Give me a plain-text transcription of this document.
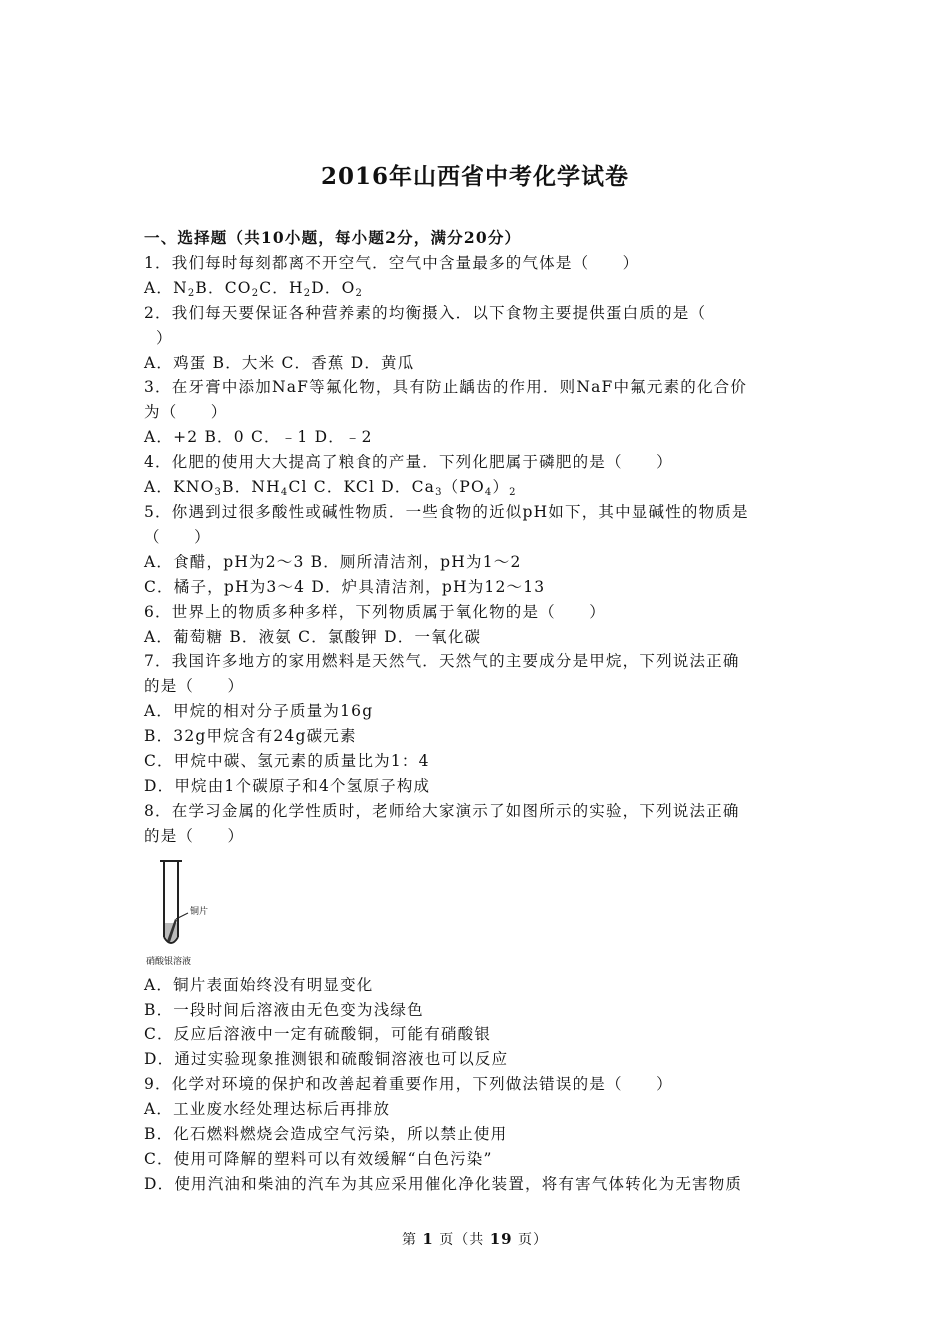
2016年山西省中考化学试卷
一、选择题（共10小题，每小题2分，满分20分）
1．我们每时每刻都离不开空气．空气中含量最多的气体是（　　）
A．$N_2B$．$CO_2C$．$H_2D$．$O_2$
2．我们每天要保证各种营养素的均衡摄入．以下食物主要提供蛋白质的是（
）
A．鸡蛋 B．大米 C．香蕉 D．黄瓜
3．在牙膏中添加NaF等氟化物，具有防止龋齿的作用．则NaF中氟元素的化合价
为（　　）
A．+2 B．0 C．﹣1 D．﹣2
4．化肥的使用大大提高了粮食的产量．下列化肥属于磷肥的是（　　）
A．$KNO_3B$．$NH_4Cl$ C．KCl D．$Ca_3(PO_4)_2$
5．你遇到过很多酸性或碱性物质．一些食物的近似pH如下，其中显碱性的物质是
（　　）
A．食醋，pH为2～3 B．厕所清洁剂，pH为1～2
C．橘子，pH为3～4 D．炉具清洁剂，pH为12～13
6．世界上的物质多种多样，下列物质属于氧化物的是（　　）
A．葡萄糖 B．液氨 C．氯酸钾 D．一氧化碳
7．我国许多地方的家用燃料是天然气．天然气的主要成分是甲烷，下列说法正确
的是（　　）
A．甲烷的相对分子质量为16g
B．32g甲烷含有24g碳元素
C．甲烷中碳、氢元素的质量比为1：4
D．甲烷由1个碳原子和4个氢原子构成
8．在学习金属的化学性质时，老师给大家演示了如图所示的实验，下列说法正确
的是（　　）
铜片
硝酸银溶液
A．铜片表面始终没有明显变化
B．一段时间后溶液由无色变为浅绿色
C．反应后溶液中一定有硫酸铜，可能有硝酸银
D．通过实验现象推测银和硫酸铜溶液也可以反应
9．化学对环境的保护和改善起着重要作用，下列做法错误的是（　　）
A．工业废水经处理达标后再排放
B．化石燃料燃烧会造成空气污染，所以禁止使用
C．使用可降解的塑料可以有效缓解“白色污染”
D．使用汽油和柴油的汽车为其应采用催化净化装置，将有害气体转化为无害物质
第 1 页（共 19 页）
